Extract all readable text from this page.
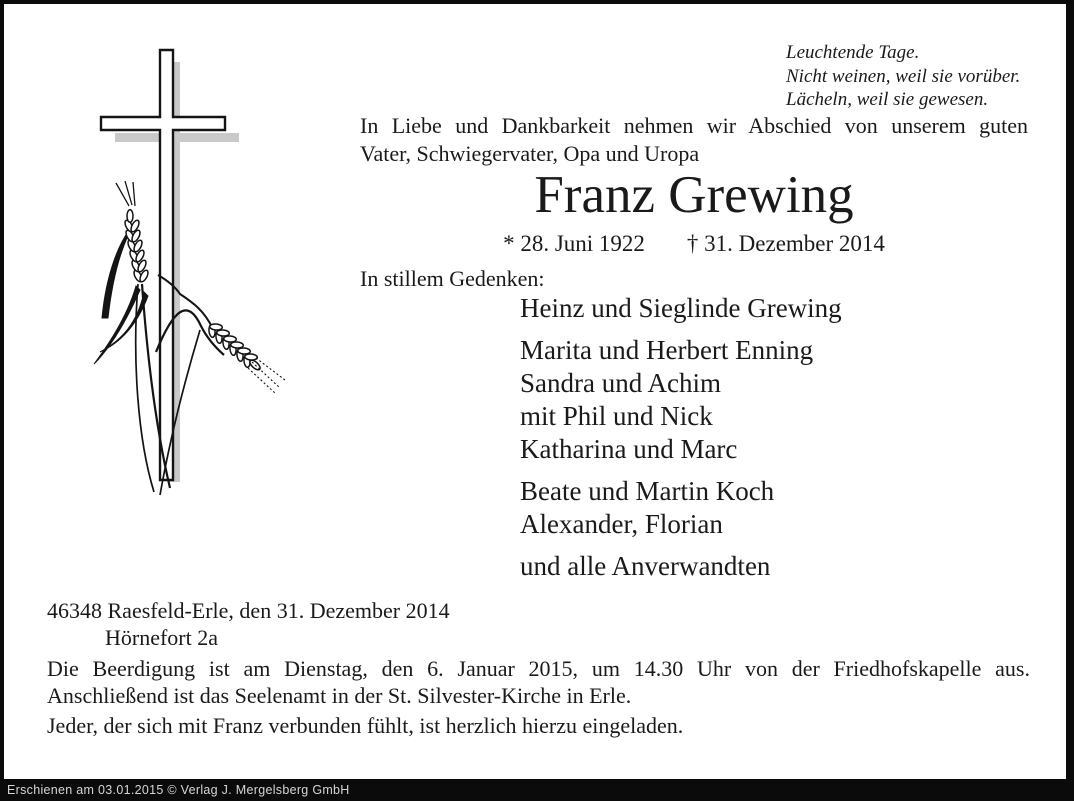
Leuchtende Tage.
Nicht weinen, weil sie vorüber.
Lächeln, weil sie gewesen.
In Liebe und Dankbarkeit nehmen wir Abschied von unserem guten
Vater, Schwiegervater, Opa und Uropa
Franz Grewing
* 28. Juni 1922 † 31. Dezember 2014
In stillem Gedenken:
Heinz und Sieglinde Grewing
Marita und Herbert Enning
Sandra und Achim
mit Phil und Nick
Katharina und Marc
Beate und Martin Koch
Alexander, Florian
und alle Anverwandten
46348 Raesfeld-Erle, den 31. Dezember 2014
Hörnefort 2a
Die Beerdigung ist am Dienstag, den 6. Januar 2015, um 14.30 Uhr von der Friedhofskapelle aus.
Anschließend ist das Seelenamt in der St. Silvester-Kirche in Erle.
Jeder, der sich mit Franz verbunden fühlt, ist herzlich hierzu eingeladen.
Erschienen am 03.01.2015 © Verlag J. Mergelsberg GmbH
